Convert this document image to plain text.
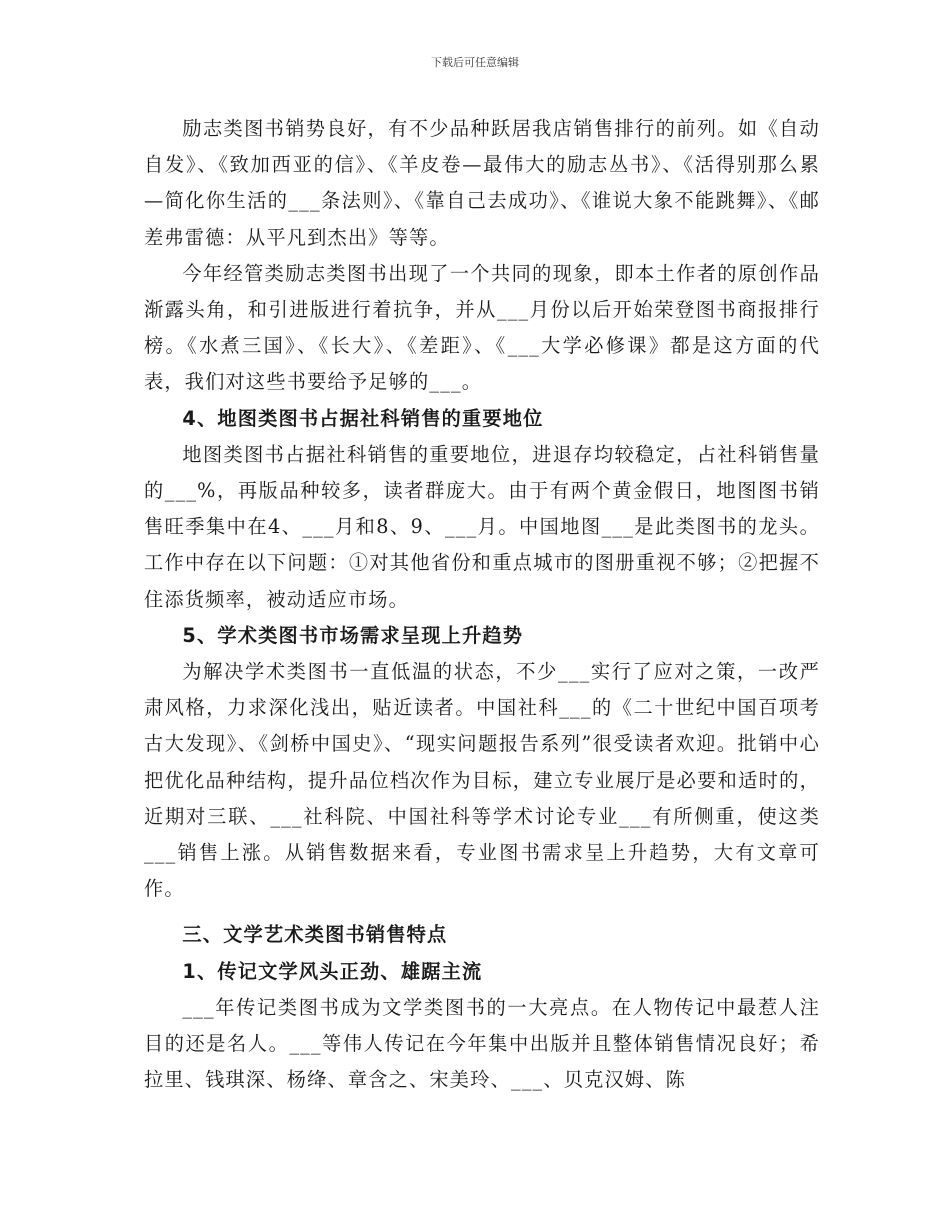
下载后可任意编辑

励志类图书销势良好，有不少品种跃居我店销售排行的前列。如《自动自发》、《致加西亚的信》、《羊皮卷—最伟大的励志丛书》、《活得别那么累—简化你生活的___条法则》、《靠自己去成功》、《谁说大象不能跳舞》、《邮差弗雷德：从平凡到杰出》等等。

今年经管类励志类图书出现了一个共同的现象，即本土作者的原创作品渐露头角，和引进版进行着抗争，并从___月份以后开始荣登图书商报排行榜。《水煮三国》、《长大》、《差距》、《___大学必修课》都是这方面的代表，我们对这些书要给予足够的___。

4、地图类图书占据社科销售的重要地位

地图类图书占据社科销售的重要地位，进退存均较稳定，占社科销售量的___%，再版品种较多，读者群庞大。由于有两个黄金假日，地图图书销售旺季集中在4、___月和8、9、___月。中国地图___是此类图书的龙头。工作中存在以下问题：①对其他省份和重点城市的图册重视不够；②把握不住添货频率，被动适应市场。

5、学术类图书市场需求呈现上升趋势

为解决学术类图书一直低温的状态，不少___实行了应对之策，一改严肃风格，力求深化浅出，贴近读者。中国社科___的《二十世纪中国百项考古大发现》、《剑桥中国史》、“现实问题报告系列”很受读者欢迎。批销中心把优化品种结构，提升品位档次作为目标，建立专业展厅是必要和适时的，近期对三联、___社科院、中国社科等学术讨论专业___有所侧重，使这类___销售上涨。从销售数据来看，专业图书需求呈上升趋势，大有文章可作。

三、文学艺术类图书销售特点

1、传记文学风头正劲、雄踞主流

___年传记类图书成为文学类图书的一大亮点。在人物传记中最惹人注目的还是名人。___等伟人传记在今年集中出版并且整体销售情况良好；希拉里、钱琪深、杨绛、章含之、宋美玲、___、贝克汉姆、陈
